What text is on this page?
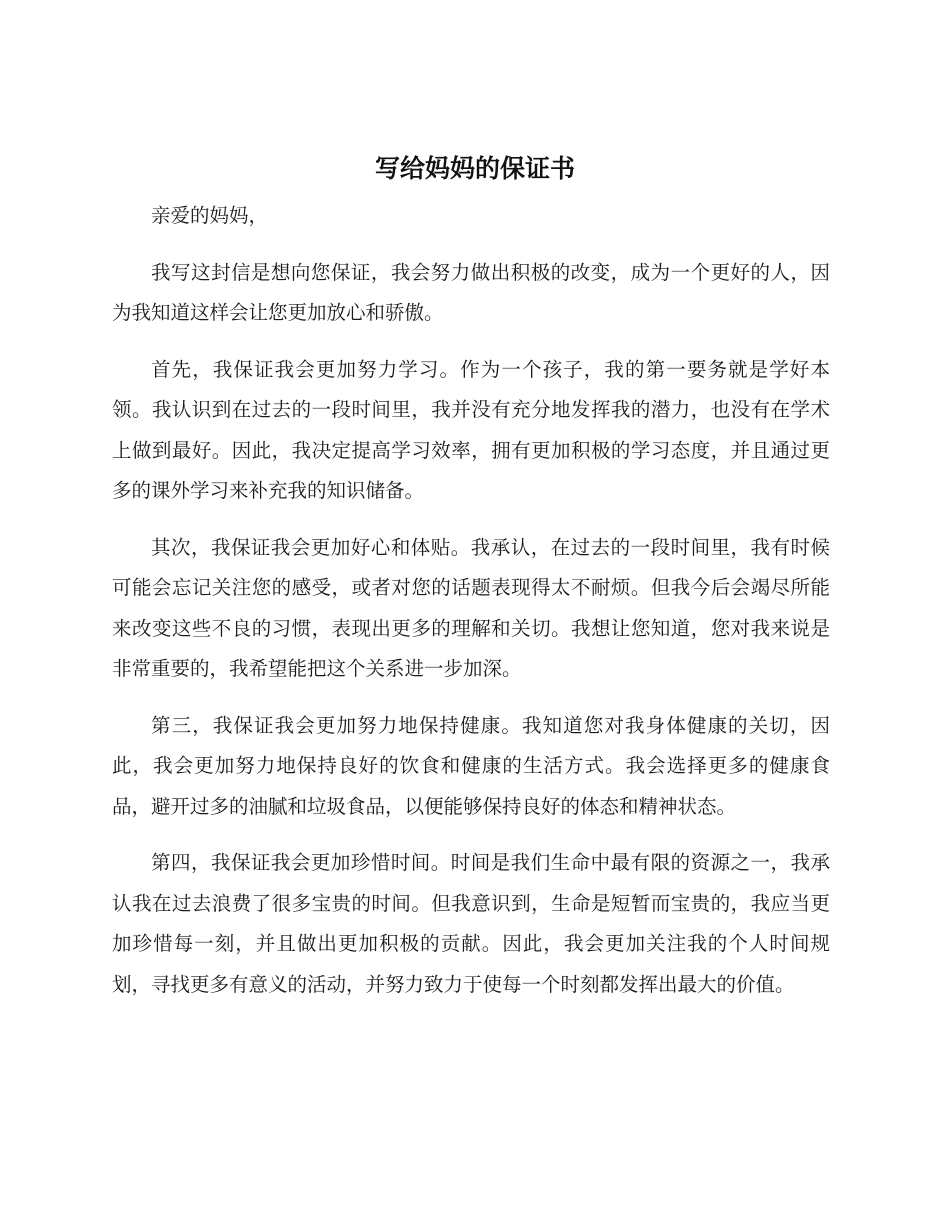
写给妈妈的保证书

亲爱的妈妈，

我写这封信是想向您保证，我会努力做出积极的改变，成为一个更好的人，因为我知道这样会让您更加放心和骄傲。

首先，我保证我会更加努力学习。作为一个孩子，我的第一要务就是学好本领。我认识到在过去的一段时间里，我并没有充分地发挥我的潜力，也没有在学术上做到最好。因此，我决定提高学习效率，拥有更加积极的学习态度，并且通过更多的课外学习来补充我的知识储备。

其次，我保证我会更加好心和体贴。我承认，在过去的一段时间里，我有时候可能会忘记关注您的感受，或者对您的话题表现得太不耐烦。但我今后会竭尽所能来改变这些不良的习惯，表现出更多的理解和关切。我想让您知道，您对我来说是非常重要的，我希望能把这个关系进一步加深。

第三，我保证我会更加努力地保持健康。我知道您对我身体健康的关切，因此，我会更加努力地保持良好的饮食和健康的生活方式。我会选择更多的健康食品，避开过多的油腻和垃圾食品，以便能够保持良好的体态和精神状态。

第四，我保证我会更加珍惜时间。时间是我们生命中最有限的资源之一，我承认我在过去浪费了很多宝贵的时间。但我意识到，生命是短暂而宝贵的，我应当更加珍惜每一刻，并且做出更加积极的贡献。因此，我会更加关注我的个人时间规划，寻找更多有意义的活动，并努力致力于使每一个时刻都发挥出最大的价值。
